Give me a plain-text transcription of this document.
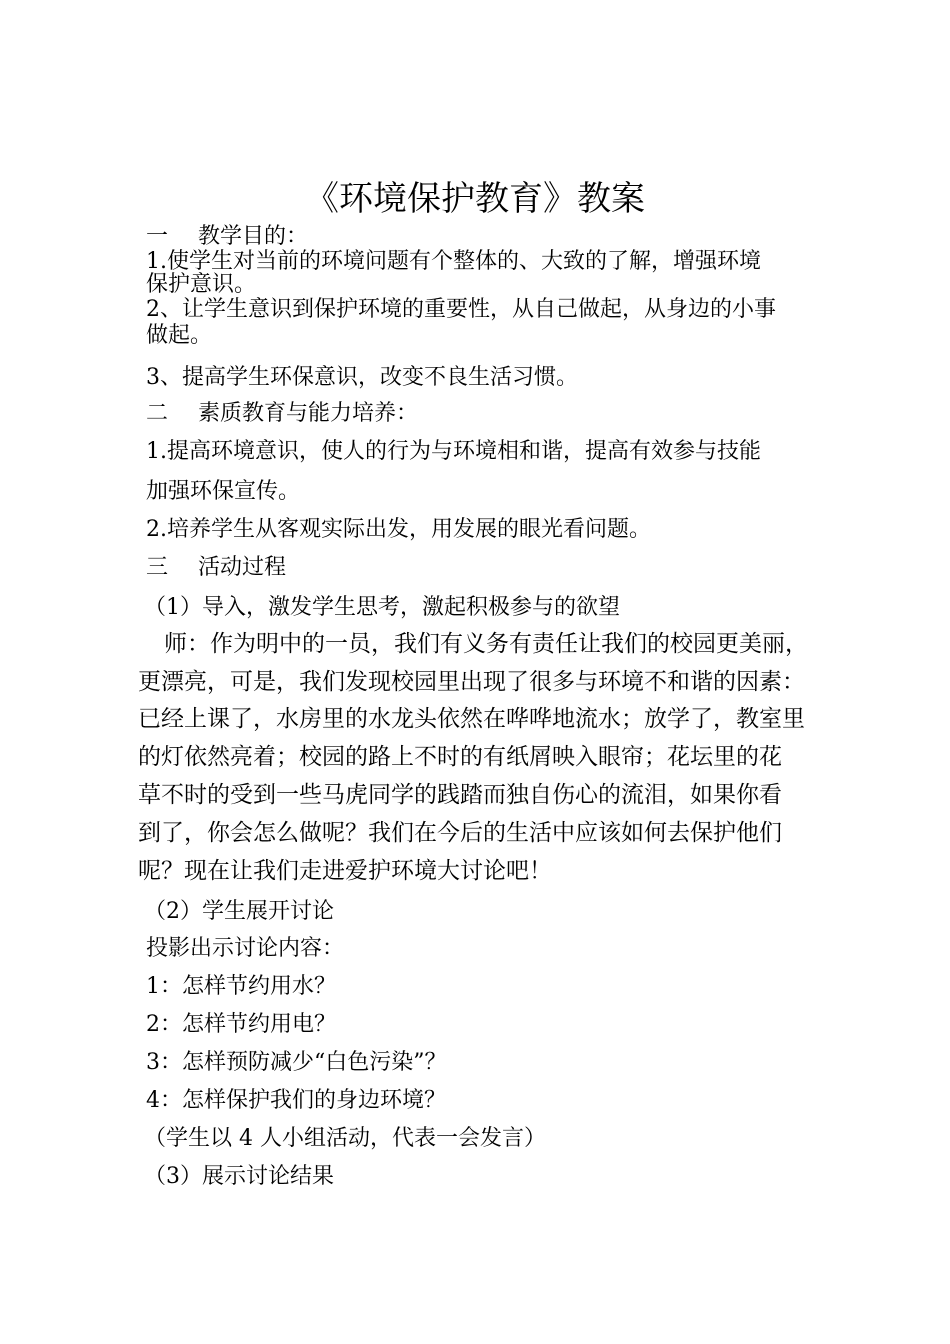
《环境保护教育》教案
一 教学目的：
1.使学生对当前的环境问题有个整体的、大致的了解，增强环境
保护意识。
2、让学生意识到保护环境的重要性，从自己做起，从身边的小事
做起。
3、提高学生环保意识，改变不良生活习惯。
二 素质教育与能力培养：
1.提高环境意识，使人的行为与环境相和谐，提高有效参与技能
加强环保宣传。
2.培养学生从客观实际出发，用发展的眼光看问题。
三 活动过程
（1）导入，激发学生思考，激起积极参与的欲望
师：作为明中的一员，我们有义务有责任让我们的校园更美丽，
更漂亮，可是，我们发现校园里出现了很多与环境不和谐的因素：
已经上课了，水房里的水龙头依然在哗哗地流水；放学了，教室里
的灯依然亮着；校园的路上不时的有纸屑映入眼帘；花坛里的花
草不时的受到一些马虎同学的践踏而独自伤心的流泪，如果你看
到了，你会怎么做呢？我们在今后的生活中应该如何去保护他们
呢？现在让我们走进爱护环境大讨论吧！
（2）学生展开讨论
投影出示讨论内容：
1：怎样节约用水？
2：怎样节约用电？
3：怎样预防减少“白色污染”？
4：怎样保护我们的身边环境？
（学生以 4 人小组活动，代表一会发言）
（3）展示讨论结果
